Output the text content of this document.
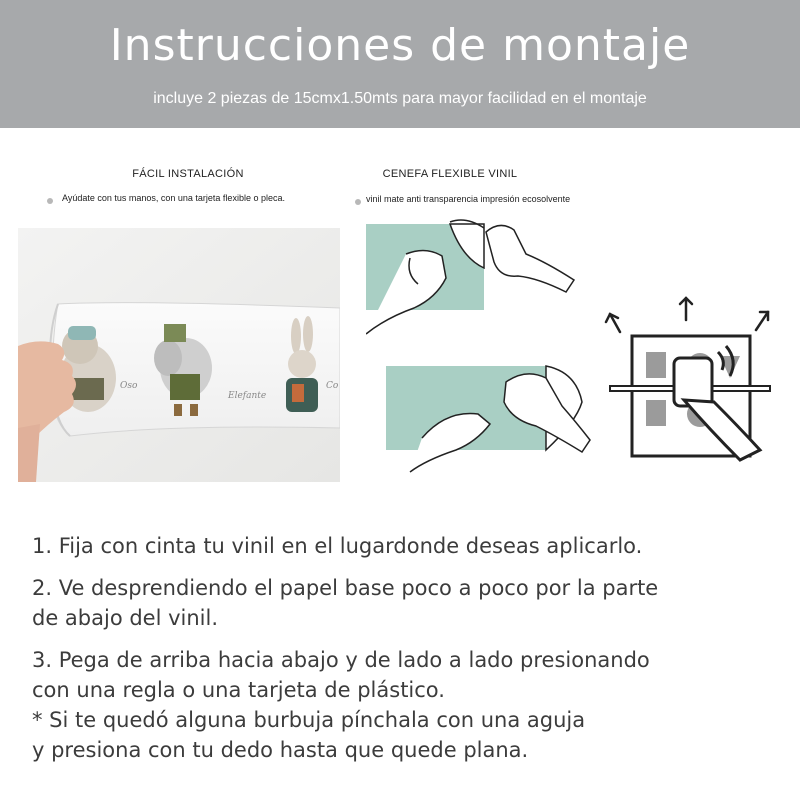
Instrucciones de montaje
incluye 2 piezas de 15cmx1.50mts para mayor facilidad en el montaje
FÁCIL INSTALACIÓN
Ayúdate con tus manos, con una tarjeta flexible o pleca.
CENEFA FLEXIBLE VINIL
vinil mate anti transparencia impresión ecosolvente
Oso
Elefante
Co

1. Fija con cinta tu vinil en el lugardonde deseas aplicarlo.

2. Ve desprendiendo el papel base poco a poco por la parte

de abajo del vinil.

3. Pega de arriba hacia abajo y de lado a lado presionando

con una regla o una tarjeta de plástico.

* Si te quedó alguna burbuja pínchala con una aguja

y presiona con tu dedo hasta que quede plana.
